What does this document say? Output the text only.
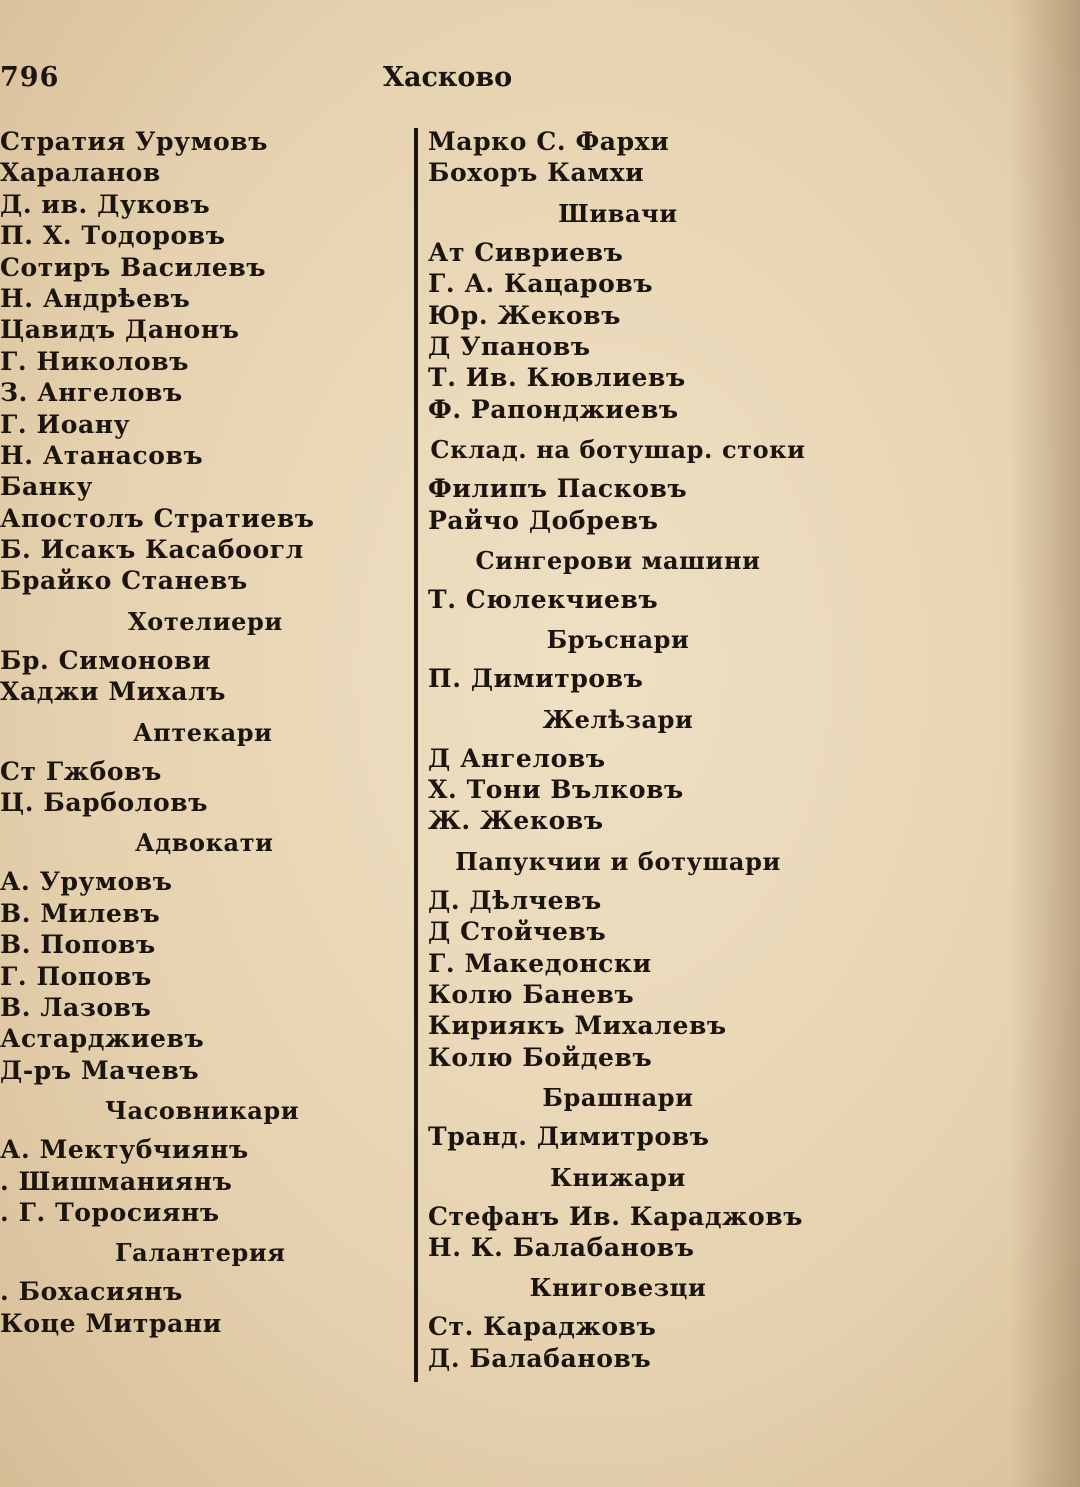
796	Хасково
Стратия Урумовъ
Хараланов
Д. ив. Дуковъ
П. Х. Тодоровъ
Сотиръ Василевъ
Н. Андрѣевъ
Цавидъ Данонъ
Г. Николовъ
З. Ангеловъ
Г. Иоану
Н. Атанасовъ
Банку
Апостолъ Стратиевъ
Б. Исакъ Касабоогл
Брайко Станевъ
Хотелиери
Бр. Симонови
Хаджи Михалъ
Аптекари
Ст Гжбовъ
Ц. Барболовъ
Адвокати
А. Урумовъ
В. Милевъ
В. Поповъ
Г. Поповъ
В. Лазовъ
Астарджиевъ
Д-ръ Мачевъ
Часовникари
А. Мектубчиянъ
. Шишманиянъ
. Г. Торосиянъ
Галантерия
. Бохасиянъ
Коце Митрани
Марко С. Фархи
Бохоръ Камхи
Шивачи
Ат Сивриевъ
Г. А. Кацаровъ
Юр. Жековъ
Д Упановъ
Т. Ив. Кювлиевъ
Ф. Рапонджиевъ
Склад. на ботушар. стоки
Филипъ Пасковъ
Райчо Добревъ
Сингерови машини
Т. Сюлекчиевъ
Бръснари
П. Димитровъ
Желѣзари
Д Ангеловъ
Х. Тони Вълковъ
Ж. Жековъ
Папукчии и ботушари
Д. Дѣлчевъ
Д Стойчевъ
Г. Македонски
Колю Баневъ
Кириякъ Михалевъ
Колю Бойдевъ
Брашнари
Транд. Димитровъ
Книжари
Стефанъ Ив. Караджовъ
Н. К. Балабановъ
Книговезци
Ст. Караджовъ
Д. Балабановъ
